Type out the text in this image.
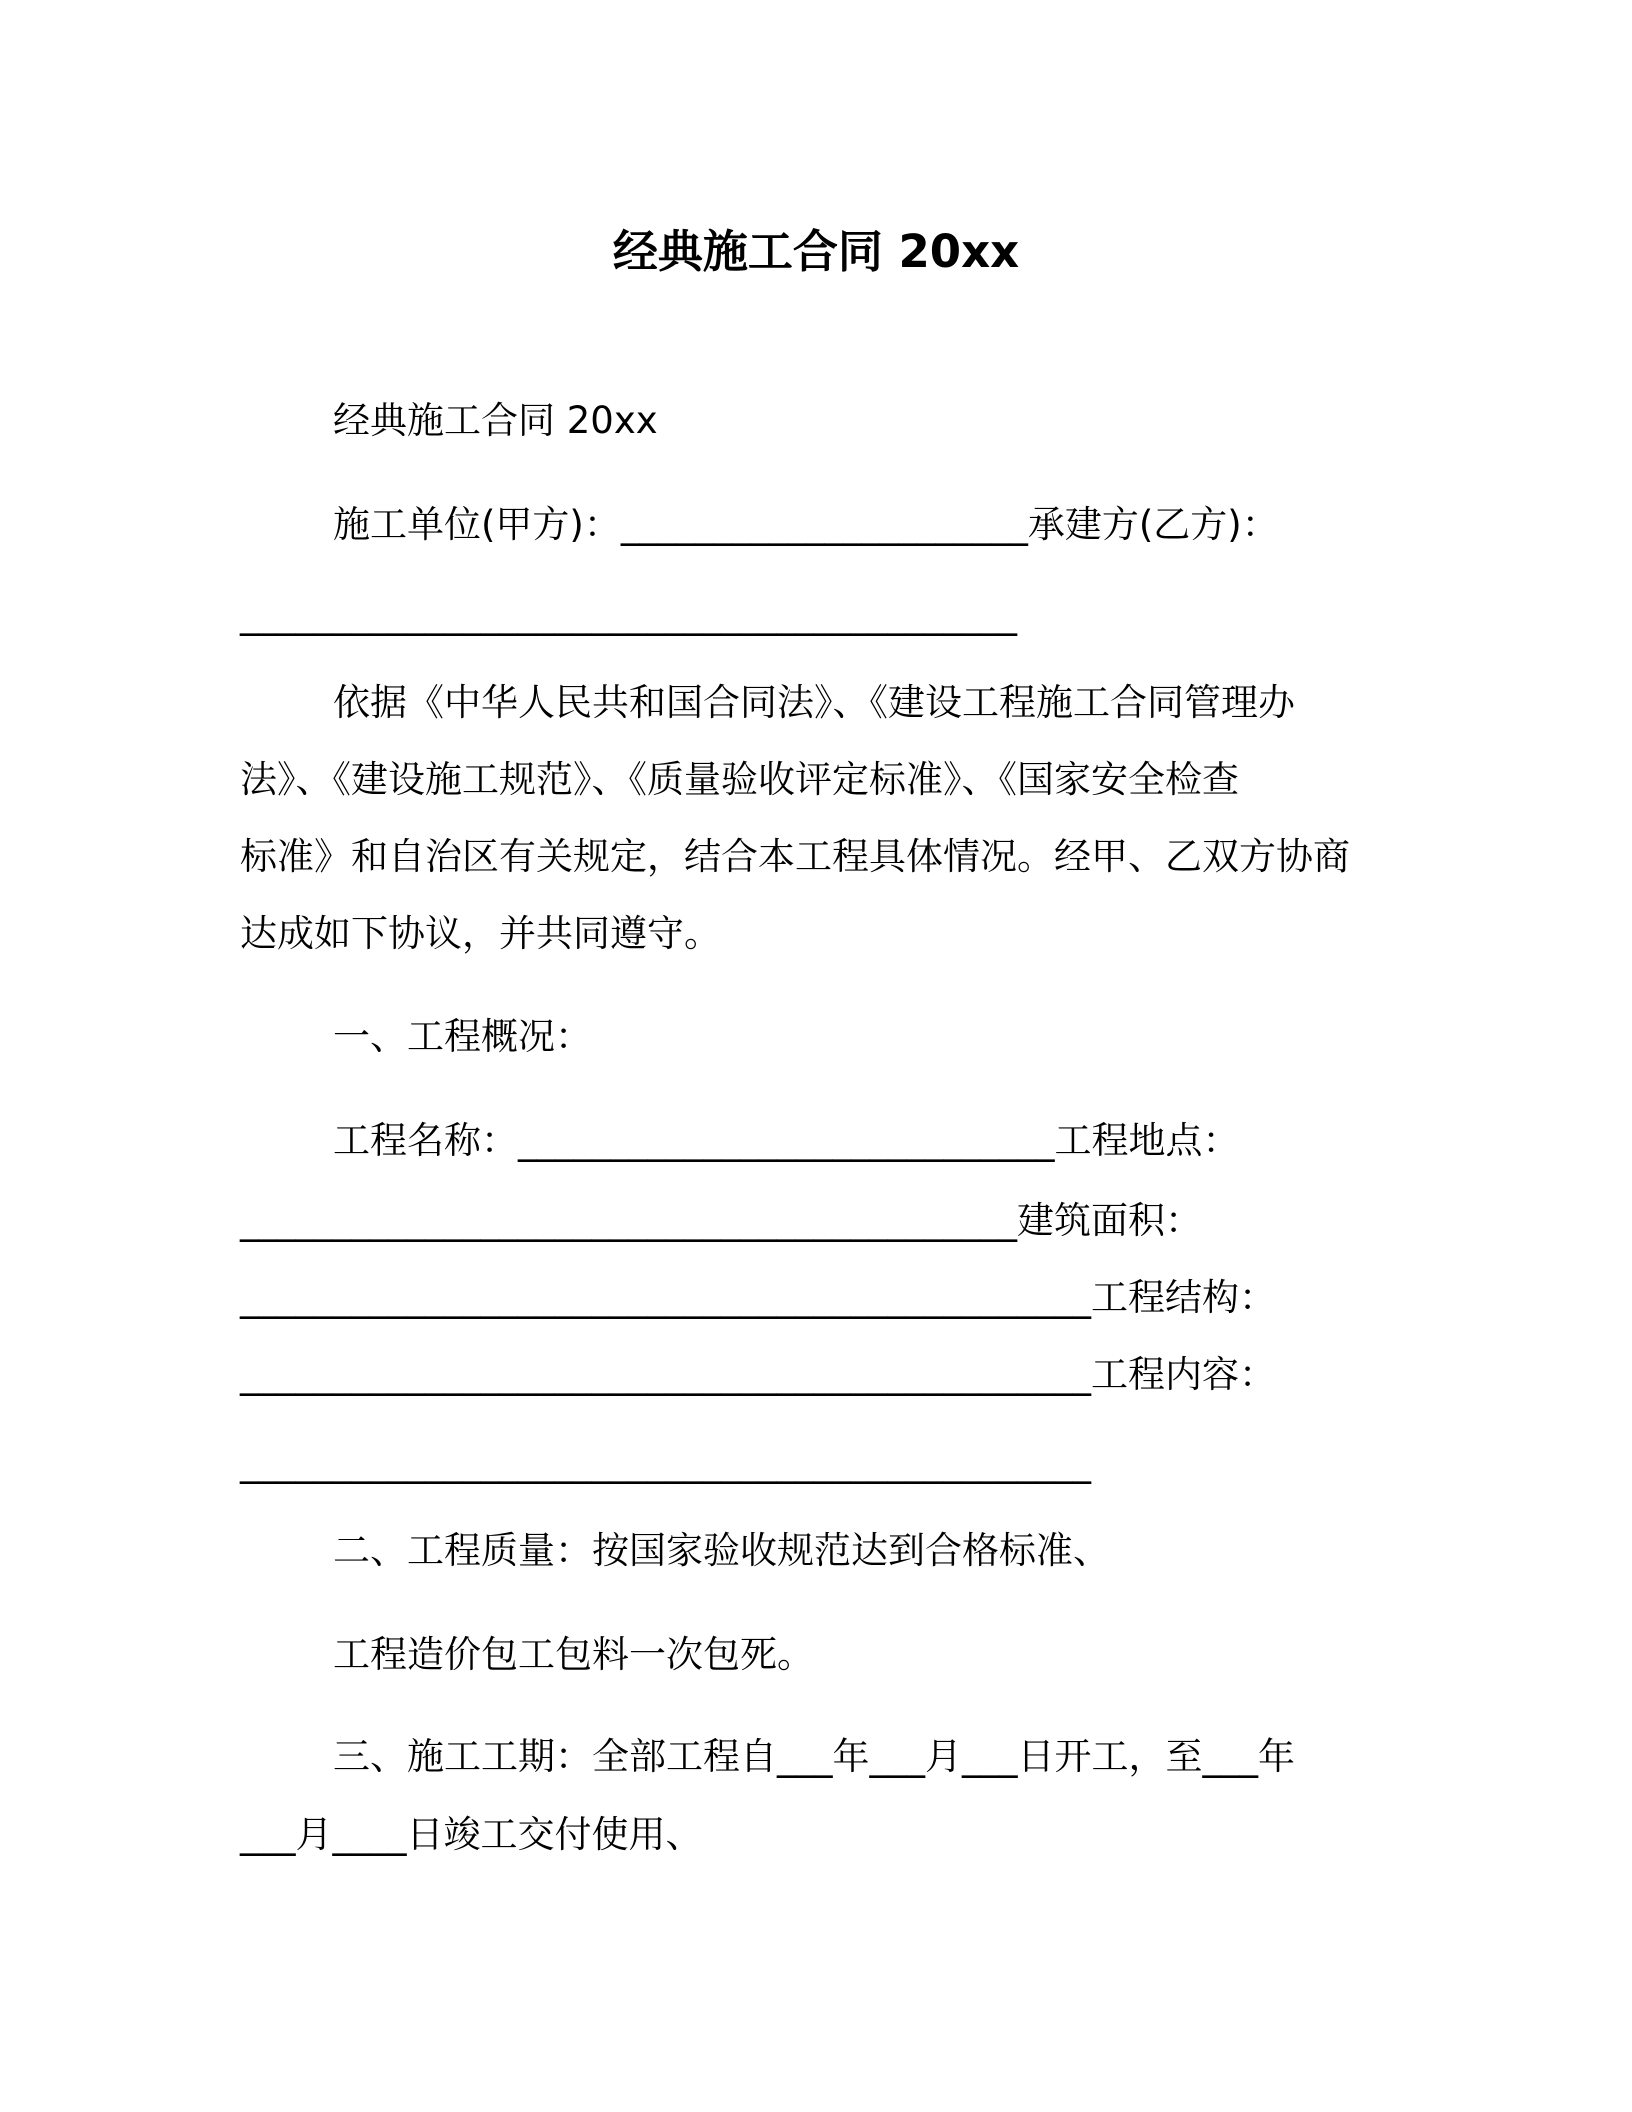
经典施工合同 20xx
经典施工合同 20xx
施工单位(甲方)：______________________承建方(乙方)：
__________________________________________
依据《中华人民共和国合同法》、《建设工程施工合同管理办
法》、《建设施工规范》、《质量验收评定标准》、《国家安全检查
标准》和自治区有关规定，结合本工程具体情况。经甲、乙双方协商
达成如下协议，并共同遵守。
一、工程概况：
工程名称：_____________________________工程地点：
__________________________________________建筑面积：
______________________________________________工程结构：
______________________________________________工程内容：
______________________________________________
二、工程质量：按国家验收规范达到合格标准、
工程造价包工包料一次包死。
三、施工工期：全部工程自___年___月___日开工，至___年
___月____日竣工交付使用、
